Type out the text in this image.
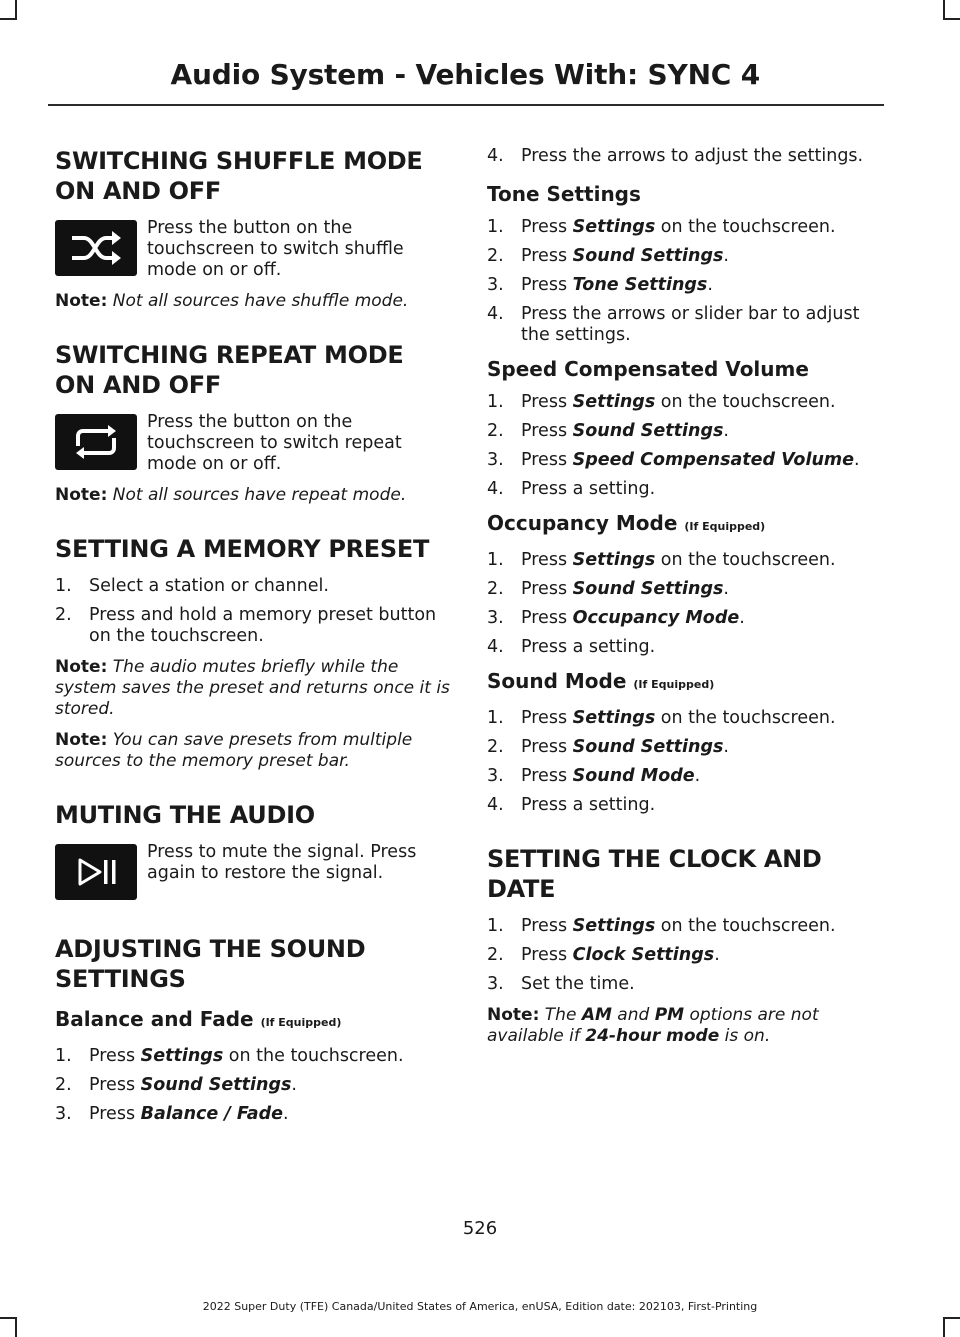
Audio System - Vehicles With: SYNC 4
SWITCHING SHUFFLE MODE ON AND OFF
Press the button on the touchscreen to switch shuffle mode on or off.

Note: Not all sources have shuffle mode.

SWITCHING REPEAT MODE ON AND OFF
Press the button on the touchscreen to switch repeat mode on or off.

Note: Not all sources have repeat mode.

SETTING A MEMORY PRESET
1. Select a station or channel.
2. Press and hold a memory preset button on the touchscreen.

Note: The audio mutes briefly while the system saves the preset and returns once it is stored.

Note: You can save presets from multiple sources to the memory preset bar.

MUTING THE AUDIO
Press to mute the signal. Press again to restore the signal.
ADJUSTING THE SOUND SETTINGS
Balance and Fade (If Equipped)
1. Press Settings on the touchscreen.
2. Press Sound Settings.
3. Press Balance / Fade.
4. Press the arrows to adjust the settings.
Tone Settings
1. Press Settings on the touchscreen.
2. Press Sound Settings.
3. Press Tone Settings.
4. Press the arrows or slider bar to adjust the settings.
Speed Compensated Volume
1. Press Settings on the touchscreen.
2. Press Sound Settings.
3. Press Speed Compensated Volume.
4. Press a setting.
Occupancy Mode (If Equipped)
1. Press Settings on the touchscreen.
2. Press Sound Settings.
3. Press Occupancy Mode.
4. Press a setting.
Sound Mode (If Equipped)
1. Press Settings on the touchscreen.
2. Press Sound Settings.
3. Press Sound Mode.
4. Press a setting.
SETTING THE CLOCK AND DATE
1. Press Settings on the touchscreen.
2. Press Clock Settings.
3. Set the time.

Note: The AM and PM options are not available if 24-hour mode is on.

526
2022 Super Duty (TFE) Canada/United States of America, enUSA, Edition date: 202103, First-Printing
